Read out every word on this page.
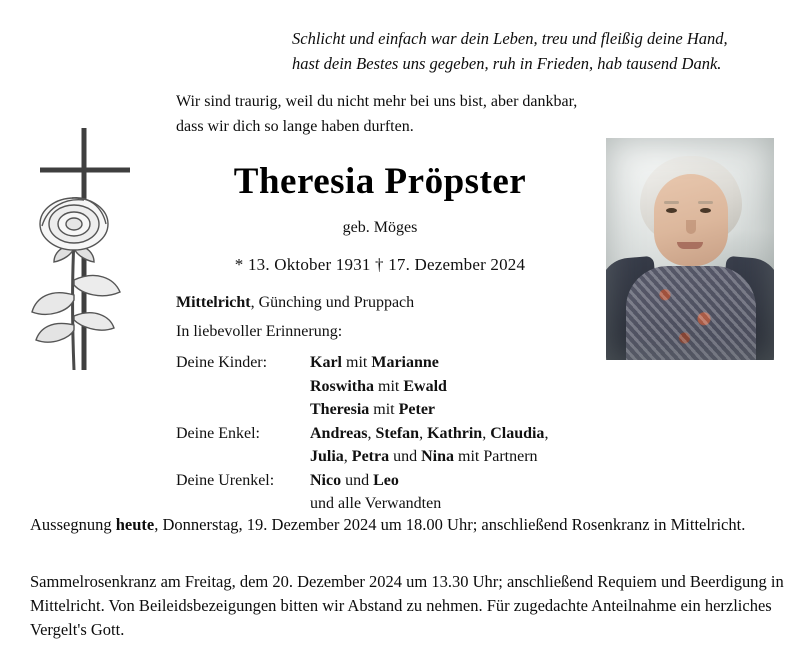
Schlicht und einfach war dein Leben, treu und fleißig deine Hand,
hast dein Bestes uns gegeben, ruh in Frieden, hab tausend Dank.
Wir sind traurig, weil du nicht mehr bei uns bist, aber dankbar,
dass wir dich so lange haben durften.
Theresia Pröpster
geb. Möges
* 13. Oktober 1931 † 17. Dezember 2024
Mittelricht, Günching und Pruppach
In liebevoller Erinnerung:
Deine Kinder:	Karl mit Marianne
Roswitha mit Ewald
Theresia mit Peter
Deine Enkel:	Andreas, Stefan, Kathrin, Claudia,
Julia, Petra und Nina mit Partnern
Deine Urenkel:	Nico und Leo
und alle Verwandten
Aussegnung heute, Donnerstag, 19. Dezember 2024 um 18.00 Uhr; anschließend Rosenkranz in Mittelricht.
Sammelrosenkranz am Freitag, dem 20. Dezember 2024 um 13.30 Uhr; anschließend Requiem und Beerdigung in Mittelricht. Von Beileidsbezeigungen bitten wir Abstand zu nehmen. Für zugedachte Anteilnahme ein herzliches Vergelt's Gott.
